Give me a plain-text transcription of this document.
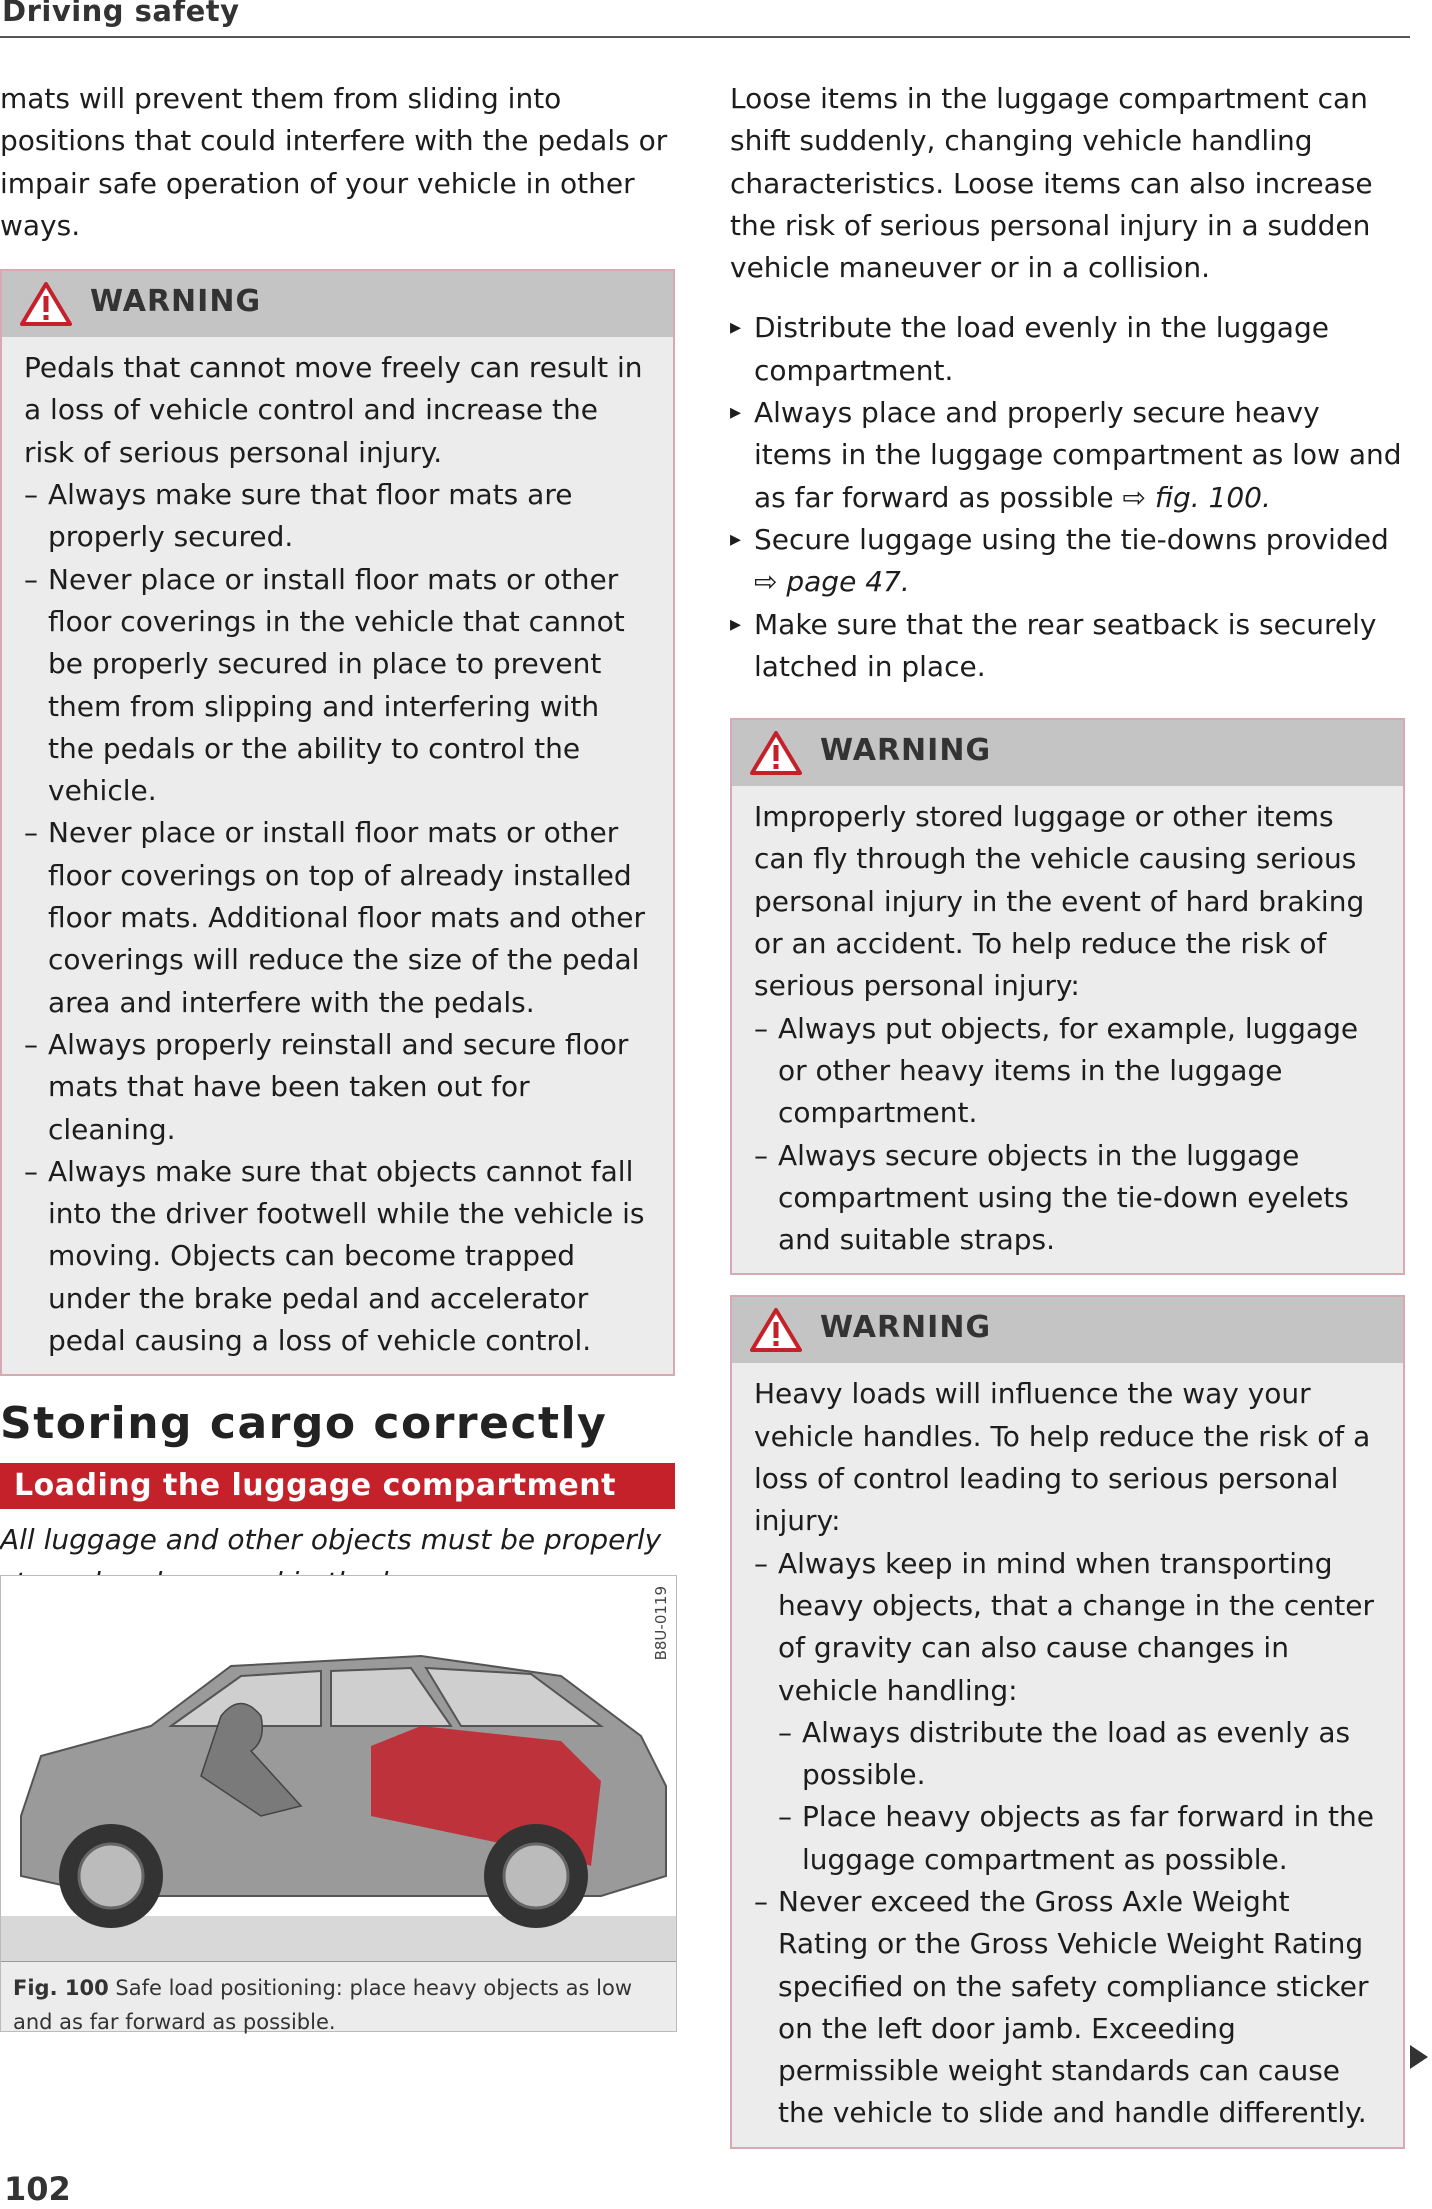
Driving safety

mats will prevent them from sliding into positions that could interfere with the pedals or impair safe operation of your vehicle in other ways.

WARNING

Pedals that cannot move freely can result in a loss of vehicle control and increase the risk of serious personal injury.

– Always make sure that floor mats are properly secured.

– Never place or install floor mats or other floor coverings in the vehicle that cannot be properly secured in place to prevent them from slipping and interfering with the pedals or the ability to control the vehicle.

– Never place or install floor mats or other floor coverings on top of already installed floor mats. Additional floor mats and other coverings will reduce the size of the pedal area and interfere with the pedals.

– Always properly reinstall and secure floor mats that have been taken out for cleaning.

– Always make sure that objects cannot fall into the driver footwell while the vehicle is moving. Objects can become trapped under the brake pedal and accelerator pedal causing a loss of vehicle control.

Storing cargo correctly
Loading the luggage compartment

All luggage and other objects must be properly

B8U-0119
Fig. 100 Safe load positioning: place heavy objects as low and as far forward as possible.

Loose items in the luggage compartment can shift suddenly, changing vehicle handling characteristics. Loose items can also increase the risk of serious personal injury in a sudden vehicle maneuver or in a collision.

▸ Distribute the load evenly in the luggage compartment.
▸ Always place and properly secure heavy items in the luggage compartment as low and as far forward as possible ⇨ fig. 100.
▸ Secure luggage using the tie-downs provided ⇨ page 47.
▸ Make sure that the rear seatback is securely latched in place.
WARNING

Improperly stored luggage or other items can fly through the vehicle causing serious personal injury in the event of hard braking or an accident. To help reduce the risk of serious personal injury:

– Always put objects, for example, luggage or other heavy items in the luggage compartment.

– Always secure objects in the luggage compartment using the tie-down eyelets and suitable straps.

WARNING

Heavy loads will influence the way your vehicle handles. To help reduce the risk of a loss of control leading to serious personal injury:

– Always keep in mind when transporting heavy objects, that a change in the center of gravity can also cause changes in vehicle handling:

– Always distribute the load as evenly as possible.

– Place heavy objects as far forward in the luggage compartment as possible.

– Never exceed the Gross Axle Weight Rating or the Gross Vehicle Weight Rating specified on the safety compliance sticker on the left door jamb. Exceeding permissible weight standards can cause the vehicle to slide and handle differently.

102
